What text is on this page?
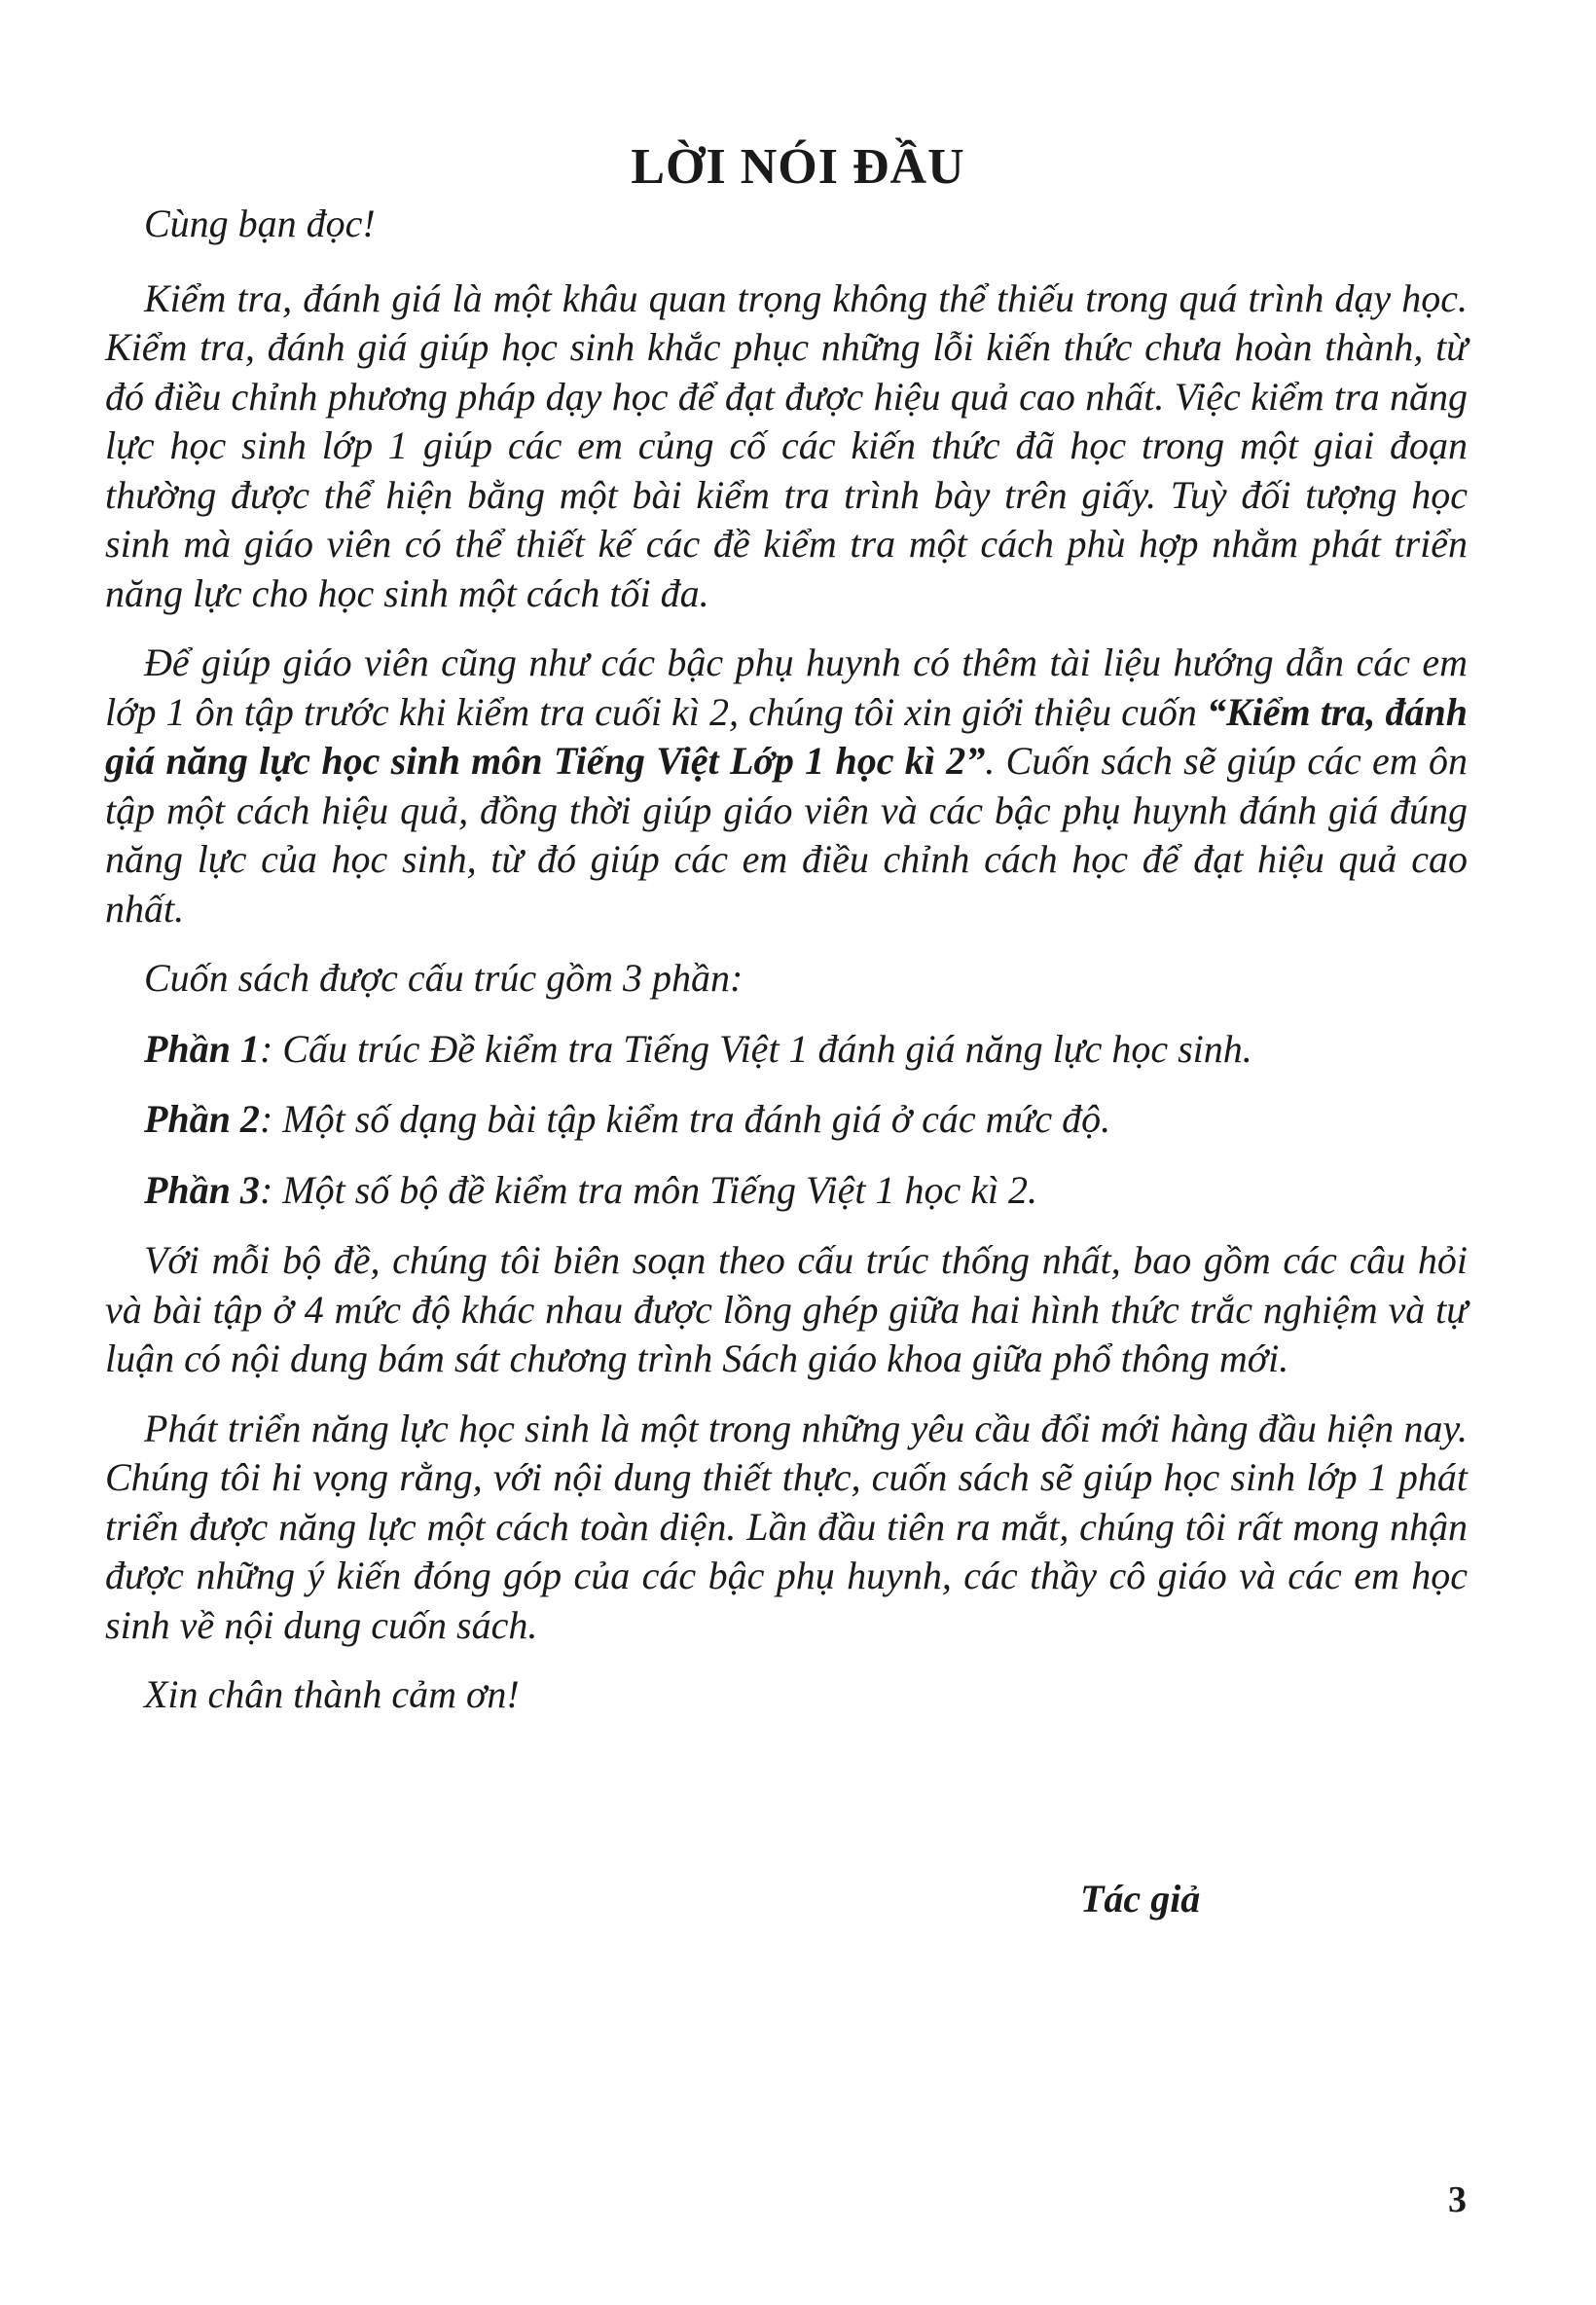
LỜI NÓI ĐẦU

Cùng bạn đọc!

Kiểm tra, đánh giá là một khâu quan trọng không thể thiếu trong quá trình dạy học. Kiểm tra, đánh giá giúp học sinh khắc phục những lỗi kiến thức chưa hoàn thành, từ đó điều chỉnh phương pháp dạy học để đạt được hiệu quả cao nhất. Việc kiểm tra năng lực học sinh lớp 1 giúp các em củng cố các kiến thức đã học trong một giai đoạn thường được thể hiện bằng một bài kiểm tra trình bày trên giấy. Tuỳ đối tượng học sinh mà giáo viên có thể thiết kế các đề kiểm tra một cách phù hợp nhằm phát triển năng lực cho học sinh một cách tối đa.

Để giúp giáo viên cũng như các bậc phụ huynh có thêm tài liệu hướng dẫn các em lớp 1 ôn tập trước khi kiểm tra cuối kì 2, chúng tôi xin giới thiệu cuốn “Kiểm tra, đánh giá năng lực học sinh môn Tiếng Việt Lớp 1 học kì 2”. Cuốn sách sẽ giúp các em ôn tập một cách hiệu quả, đồng thời giúp giáo viên và các bậc phụ huynh đánh giá đúng năng lực của học sinh, từ đó giúp các em điều chỉnh cách học để đạt hiệu quả cao nhất.

Cuốn sách được cấu trúc gồm 3 phần:

Phần 1: Cấu trúc Đề kiểm tra Tiếng Việt 1 đánh giá năng lực học sinh.

Phần 2: Một số dạng bài tập kiểm tra đánh giá ở các mức độ.

Phần 3: Một số bộ đề kiểm tra môn Tiếng Việt 1 học kì 2.

Với mỗi bộ đề, chúng tôi biên soạn theo cấu trúc thống nhất, bao gồm các câu hỏi và bài tập ở 4 mức độ khác nhau được lồng ghép giữa hai hình thức trắc nghiệm và tự luận có nội dung bám sát chương trình Sách giáo khoa giữa phổ thông mới.

Phát triển năng lực học sinh là một trong những yêu cầu đổi mới hàng đầu hiện nay. Chúng tôi hi vọng rằng, với nội dung thiết thực, cuốn sách sẽ giúp học sinh lớp 1 phát triển được năng lực một cách toàn diện. Lần đầu tiên ra mắt, chúng tôi rất mong nhận được những ý kiến đóng góp của các bậc phụ huynh, các thầy cô giáo và các em học sinh về nội dung cuốn sách.

Xin chân thành cảm ơn!

Tác giả
3
